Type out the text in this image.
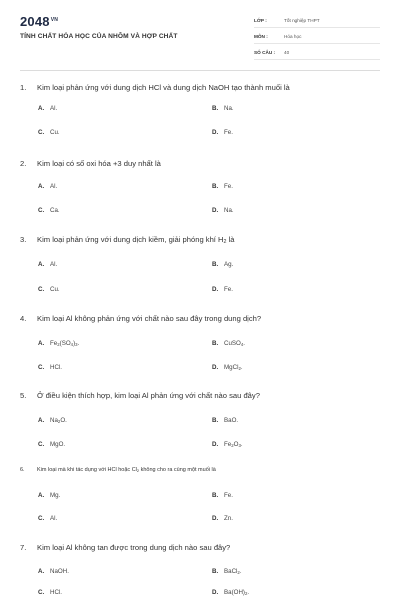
$2048^{VN}$
TÍNH CHẤT HÓA HỌC CỦA NHÔM VÀ HỢP CHẤT
LỚP :	Tốt nghiệp THPT
MÔN :	Hóa học
SỐ CÂU :	40
1. Kim loại phản ứng với dung dịch HCl và dung dịch NaOH tạo thành muối là
A. Al.	B. Na.
C. Cu.	D. Fe.
2. Kim loại có số oxi hóa +3 duy nhất là
A. Al.	B. Fe.
C. Ca.	D. Na.
3. Kim loại phản ứng với dung dịch kiềm, giải phóng khí $H_2$ là
A. Al.	B. Ag.
C. Cu.	D. Fe.
4. Kim loại Al không phản ứng với chất nào sau đây trong dung dịch?
A. $Fe_2(SO_4)_3$.	B. CuSO$_4$.
C. HCl.	D. MgCl$_2$.
5. Ở điều kiện thích hợp, kim loại Al phản ứng với chất nào sau đây?
A. $Na_2O$.	B. BaO.
C. MgO.	D. $Fe_2O_3$.
6. Kim loại mà khi tác dụng với HCl hoặc $Cl_2$ không cho ra cùng một muối là
A. Mg.	B. Fe.
C. Al.	D. Zn.
7. Kim loại Al không tan được trong dung dịch nào sau đây?
A. NaOH.	B. BaCl$_2$.
C. HCl.	D. $Ba(OH)_2$.
